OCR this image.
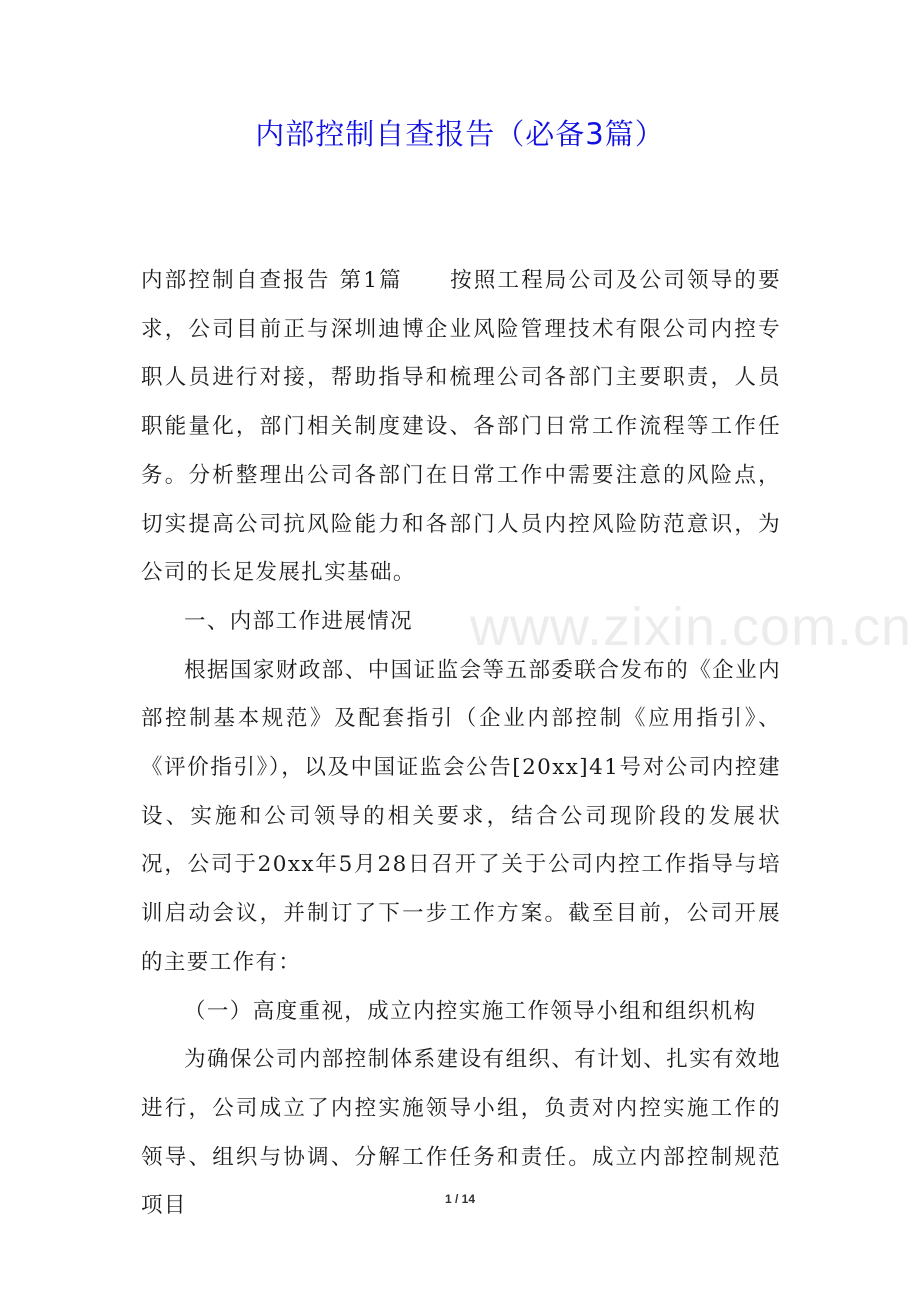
内部控制自查报告（必备3篇）
www.zixin.com.cn

内部控制自查报告 第1篇　　按照工程局公司及公司领导的要求，公司目前正与深圳迪博企业风险管理技术有限公司内控专职人员进行对接，帮助指导和梳理公司各部门主要职责，人员职能量化，部门相关制度建设、各部门日常工作流程等工作任务。分析整理出公司各部门在日常工作中需要注意的风险点，切实提高公司抗风险能力和各部门人员内控风险防范意识，为公司的长足发展扎实基础。

一、内部工作进展情况

根据国家财政部、中国证监会等五部委联合发布的《企业内部控制基本规范》及配套指引（企业内部控制《应用指引》、《评价指引》），以及中国证监会公告[20xx]41号对公司内控建设、实施和公司领导的相关要求，结合公司现阶段的发展状况，公司于20xx年5月28日召开了关于公司内控工作指导与培训启动会议，并制订了下一步工作方案。截至目前，公司开展的主要工作有：

（一）高度重视，成立内控实施工作领导小组和组织机构

为确保公司内部控制体系建设有组织、有计划、扎实有效地进行，公司成立了内控实施领导小组，负责对内控实施工作的领导、组织与协调、分解工作任务和责任。成立内部控制规范项目	1 / 14
